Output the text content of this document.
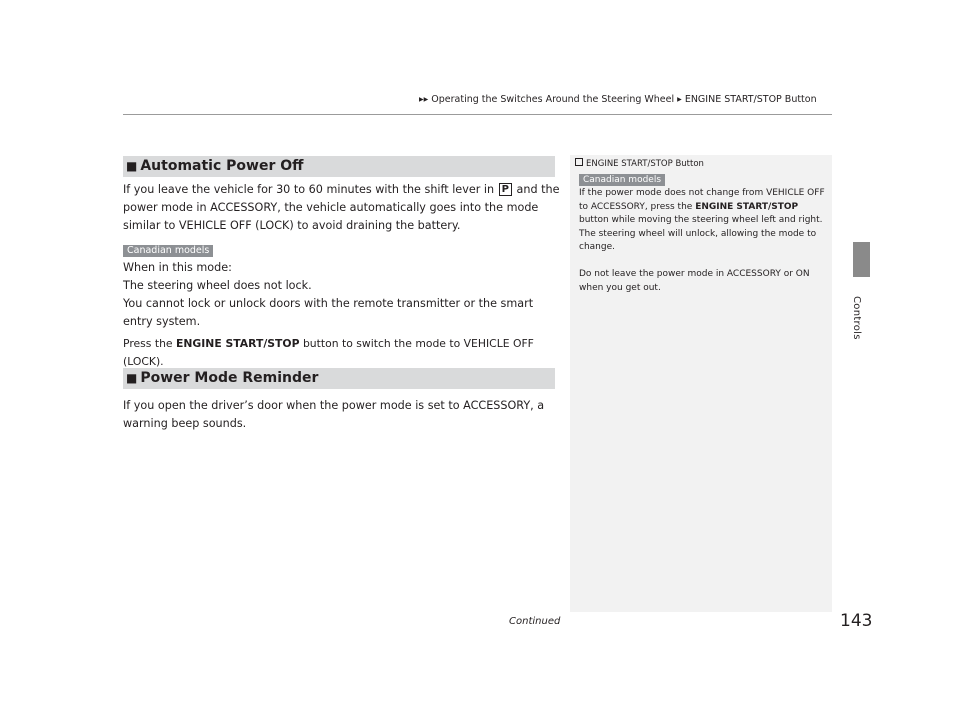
▶▶ Operating the Switches Around the Steering Wheel ▶ ENGINE START/STOP Button
Controls
■ Automatic Power Off
If you leave the vehicle for 30 to 60 minutes with the shift lever in P and the power mode in ACCESSORY, the vehicle automatically goes into the mode similar to VEHICLE OFF (LOCK) to avoid draining the battery.
Canadian models
When in this mode:
The steering wheel does not lock.
You cannot lock or unlock doors with the remote transmitter or the smart entry system.
Press the ENGINE START/STOP button to switch the mode to VEHICLE OFF (LOCK).
■ Power Mode Reminder
If you open the driver’s door when the power mode is set to ACCESSORY, a warning beep sounds.
ENGINE START/STOP Button
Canadian models
If the power mode does not change from VEHICLE OFF to ACCESSORY, press the ENGINE START/STOP button while moving the steering wheel left and right. The steering wheel will unlock, allowing the mode to change.
Do not leave the power mode in ACCESSORY or ON when you get out.
Continued	143
